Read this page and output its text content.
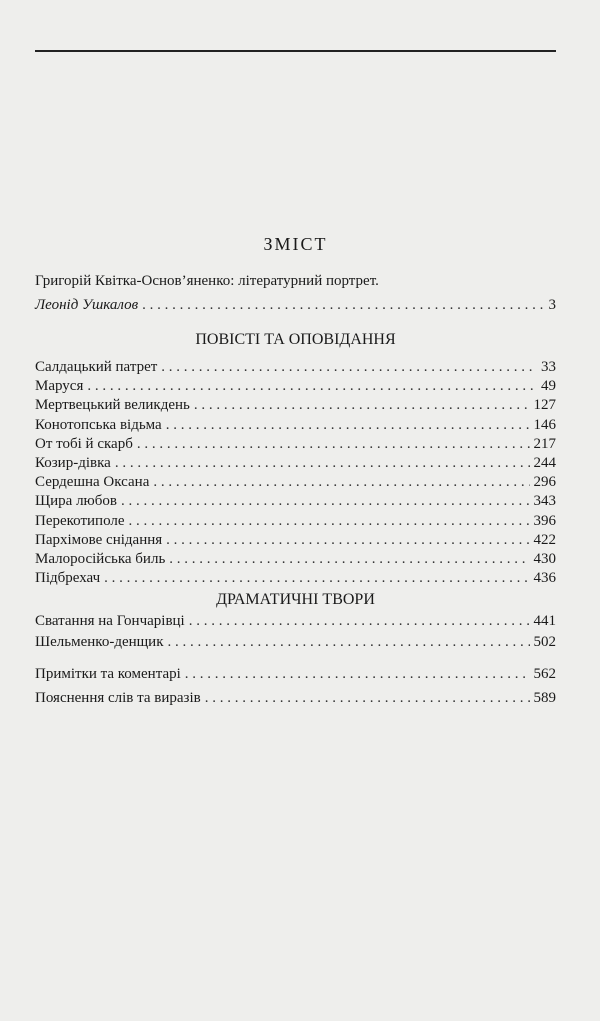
ЗМІСТ
Григорій Квітка-Основ’яненко: літературний портрет.
Леонід Ушкалов . . .	3
ПОВІСТІ ТА ОПОВІДАННЯ
Салдацький патрет . . .	33
Маруся . . .	49
Мертвецький великдень . . .	127
Конотопська відьма . . .	146
От тобі й скарб . . .	217
Козир-дівка . . .	244
Сердешна Оксана . . .	296
Щира любов . . .	343
Перекотиполе . . .	396
Пархімове снідання . . .	422
Малоросійська биль . . .	430
Підбрехач . . .	436
ДРАМАТИЧНІ ТВОРИ
Сватання на Гончарівці . . .	441
Шельменко-денщик . . .	502
Примітки та коментарі . . .	562
Пояснення слів та виразів . . .	589
